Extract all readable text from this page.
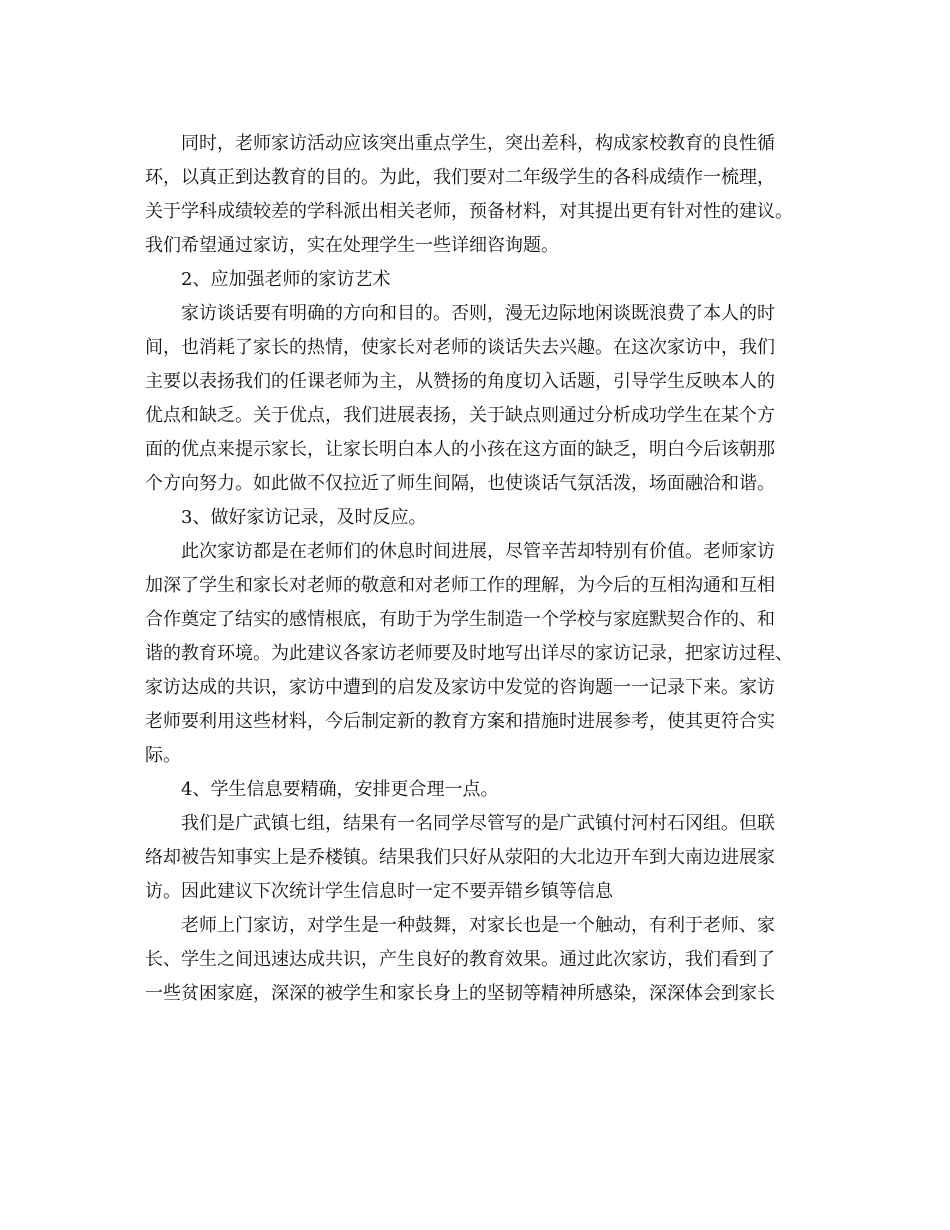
同时，老师家访活动应该突出重点学生，突出差科，构成家校教育的良性循
环，以真正到达教育的目的。为此，我们要对二年级学生的各科成绩作一梳理，
关于学科成绩较差的学科派出相关老师，预备材料，对其提出更有针对性的建议。
我们希望通过家访，实在处理学生一些详细咨询题。
2、应加强老师的家访艺术
家访谈话要有明确的方向和目的。否则，漫无边际地闲谈既浪费了本人的时
间，也消耗了家长的热情，使家长对老师的谈话失去兴趣。在这次家访中，我们
主要以表扬我们的任课老师为主，从赞扬的角度切入话题，引导学生反映本人的
优点和缺乏。关于优点，我们进展表扬，关于缺点则通过分析成功学生在某个方
面的优点来提示家长，让家长明白本人的小孩在这方面的缺乏，明白今后该朝那
个方向努力。如此做不仅拉近了师生间隔，也使谈话气氛活泼，场面融洽和谐。
3、做好家访记录，及时反应。
此次家访都是在老师们的休息时间进展，尽管辛苦却特别有价值。老师家访
加深了学生和家长对老师的敬意和对老师工作的理解，为今后的互相沟通和互相
合作奠定了结实的感情根底，有助于为学生制造一个学校与家庭默契合作的、和
谐的教育环境。为此建议各家访老师要及时地写出详尽的家访记录，把家访过程、
家访达成的共识，家访中遭到的启发及家访中发觉的咨询题一一记录下来。家访
老师要利用这些材料，今后制定新的教育方案和措施时进展参考，使其更符合实
际。
4、学生信息要精确，安排更合理一点。
我们是广武镇七组，结果有一名同学尽管写的是广武镇付河村石冈组。但联
络却被告知事实上是乔楼镇。结果我们只好从荥阳的大北边开车到大南边进展家
访。因此建议下次统计学生信息时一定不要弄错乡镇等信息
老师上门家访，对学生是一种鼓舞，对家长也是一个触动，有利于老师、家
长、学生之间迅速达成共识，产生良好的教育效果。通过此次家访，我们看到了
一些贫困家庭，深深的被学生和家长身上的坚韧等精神所感染，深深体会到家长
